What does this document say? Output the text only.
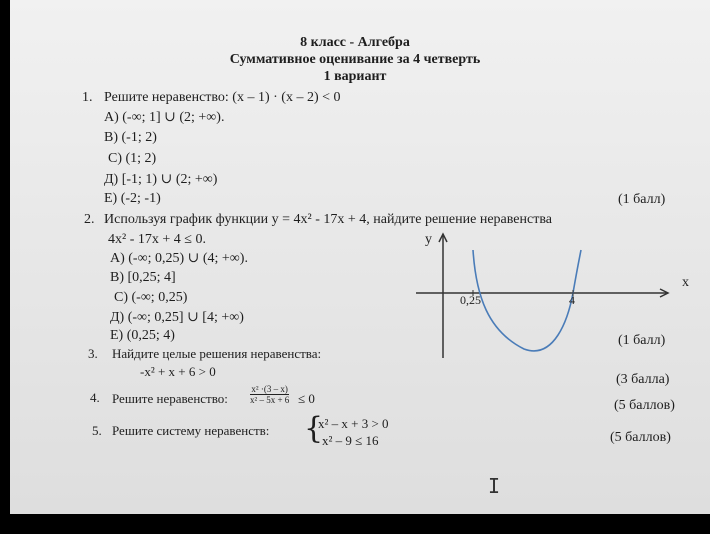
8 класс - Алгебра
Суммативное оценивание за 4 четверть
1 вариант
1. Решите неравенство: (x – 1) · (x – 2) < 0
А) (-∞; 1] ∪ (2; +∞).
В) (-1; 2)
С) (1; 2)
Д) [-1; 1) ∪ (2; +∞)
Е) (-2; -1)	(1 балл)
2. Используя график функции y = 4x² - 17x + 4, найдите решение неравенства
4x² - 17x + 4 ≤ 0.
А) (-∞; 0,25) ∪ (4; +∞).
В) [0,25; 4]
С) (-∞; 0,25)
Д) (-∞; 0,25] ∪ [4; +∞)
Е) (0,25; 4)	(1 балл)
y
x
0,25	4
3. Найдите целые решения неравенства:
-x² + x + 6 > 0
(3 балла)
4. Решите неравенство:
x² ·(3 – x)
x² – 5x + 6 ≤ 0	(5 баллов)
5. Решите систему неравенств: {
x² – x + 3 > 0
x² – 9 ≤ 16	(5 баллов)
I
